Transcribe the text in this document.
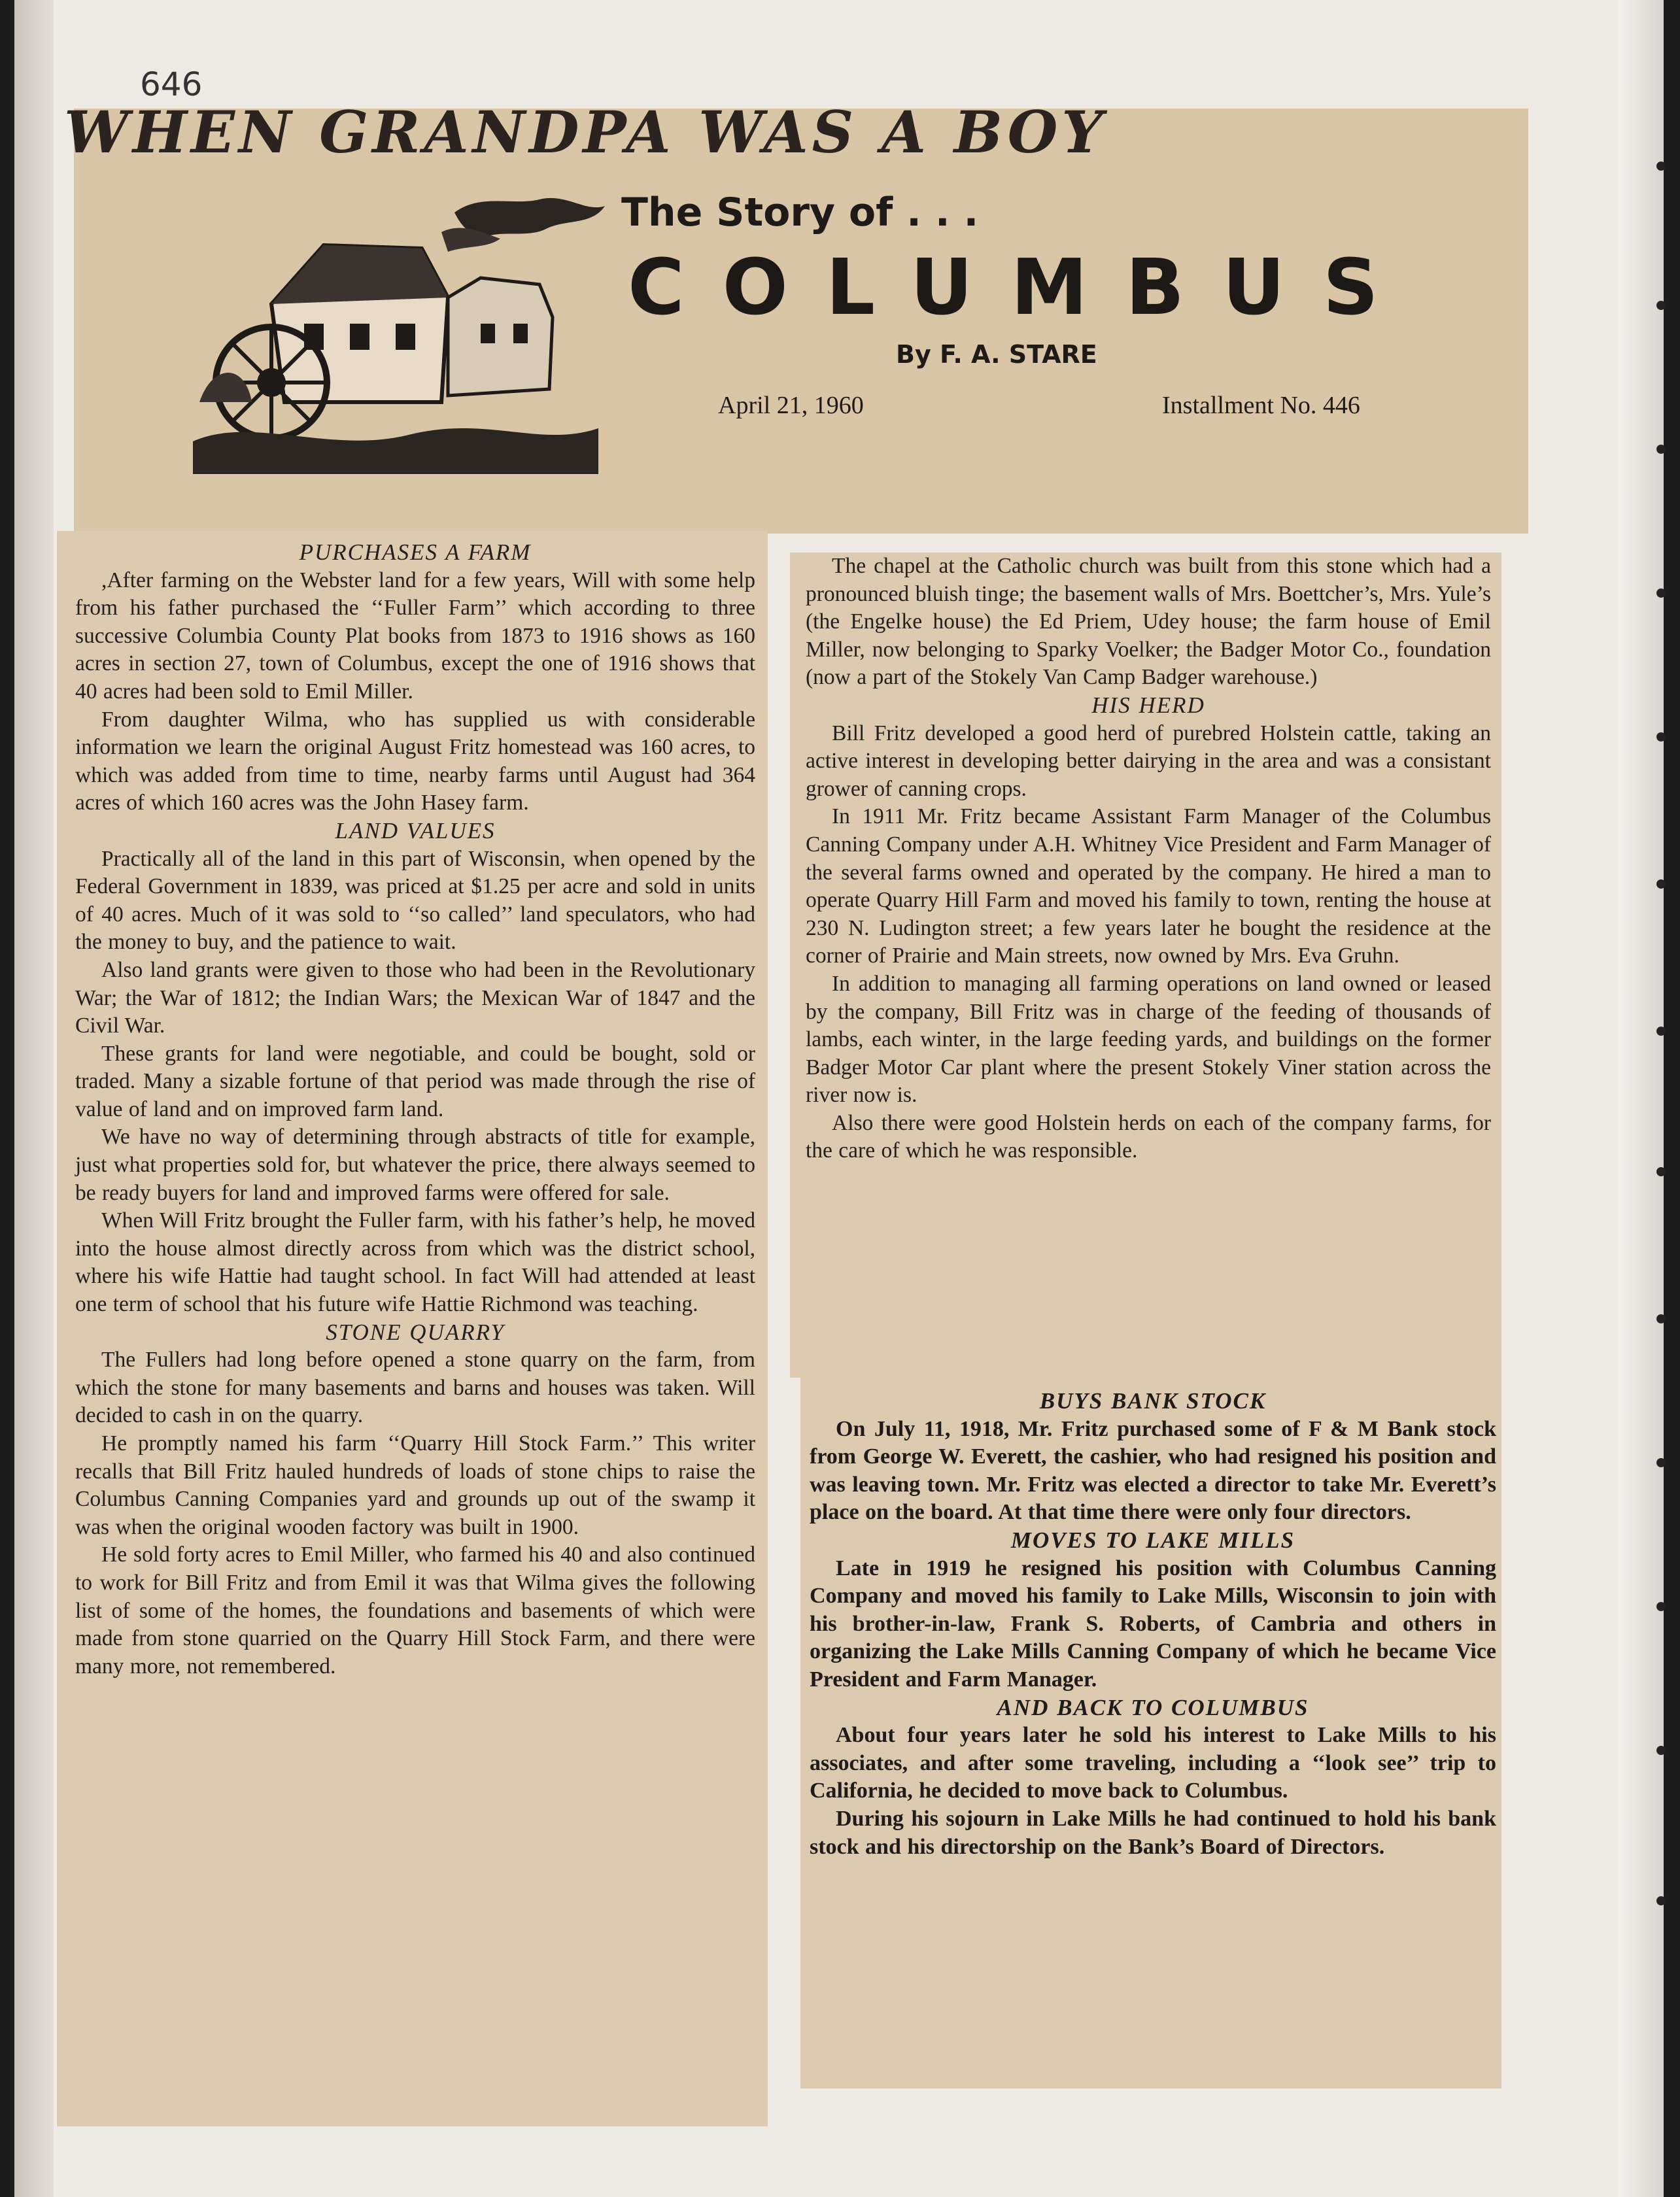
646
WHEN GRANDPA WAS A BOY
The Story of . . .
COLUMBUS

By F. A. STARE

April 21, 1960	Installment No. 446

PURCHASES A FARM

,After farming on the Webster land for a few years, Will with some help from his father purchased the ‘‘Fuller Farm’’ which according to three successive Columbia County Plat books from 1873 to 1916 shows as 160 acres in section 27, town of Columbus, except the one of 1916 shows that 40 acres had been sold to Emil Miller.

From daughter Wilma, who has supplied us with considerable information we learn the original August Fritz homestead was 160 acres, to which was added from time to time, nearby farms until August had 364 acres of which 160 acres was the John Hasey farm.

LAND VALUES

Practically all of the land in this part of Wisconsin, when opened by the Federal Government in 1839, was priced at $1.25 per acre and sold in units of 40 acres. Much of it was sold to ‘‘so called’’ land speculators, who had the money to buy, and the patience to wait.

Also land grants were given to those who had been in the Revolutionary War; the War of 1812; the Indian Wars; the Mexican War of 1847 and the Civil War.

These grants for land were negotiable, and could be bought, sold or traded. Many a sizable fortune of that period was made through the rise of value of land and on improved farm land.

We have no way of determining through abstracts of title for example, just what properties sold for, but whatever the price, there always seemed to be ready buyers for land and improved farms were offered for sale.

When Will Fritz brought the Fuller farm, with his father’s help, he moved into the house almost directly across from which was the district school, where his wife Hattie had taught school. In fact Will had attended at least one term of school that his future wife Hattie Richmond was teaching.

STONE QUARRY

The Fullers had long before opened a stone quarry on the farm, from which the stone for many basements and barns and houses was taken. Will decided to cash in on the quarry.

He promptly named his farm ‘‘Quarry Hill Stock Farm.’’ This writer recalls that Bill Fritz hauled hundreds of loads of stone chips to raise the Columbus Canning Companies yard and grounds up out of the swamp it was when the original wooden factory was built in 1900.

He sold forty acres to Emil Miller, who farmed his 40 and also continued to work for Bill Fritz and from Emil it was that Wilma gives the following list of some of the homes, the foundations and basements of which were made from stone quarried on the Quarry Hill Stock Farm, and there were many more, not remembered.

The chapel at the Catholic church was built from this stone which had a pronounced bluish tinge; the basement walls of Mrs. Boettcher’s, Mrs. Yule’s (the Engelke house) the Ed Priem, Udey house; the farm house of Emil Miller, now belonging to Sparky Voelker; the Badger Motor Co., foundation (now a part of the Stokely Van Camp Badger warehouse.)

HIS HERD

Bill Fritz developed a good herd of purebred Holstein cattle, taking an active interest in developing better dairying in the area and was a consistant grower of canning crops.

In 1911 Mr. Fritz became Assistant Farm Manager of the Columbus Canning Company under A.H. Whitney Vice President and Farm Manager of the several farms owned and operated by the company. He hired a man to operate Quarry Hill Farm and moved his family to town, renting the house at 230 N. Ludington street; a few years later he bought the residence at the corner of Prairie and Main streets, now owned by Mrs. Eva Gruhn.

In addition to managing all farming operations on land owned or leased by the company, Bill Fritz was in charge of the feeding of thousands of lambs, each winter, in the large feeding yards, and buildings on the former Badger Motor Car plant where the present Stokely Viner station across the river now is.

Also there were good Holstein herds on each of the company farms, for the care of which he was responsible.

BUYS BANK STOCK

On July 11, 1918, Mr. Fritz purchased some of F & M Bank stock from George W. Everett, the cashier, who had resigned his position and was leaving town. Mr. Fritz was elected a director to take Mr. Everett’s place on the board. At that time there were only four directors.

MOVES TO LAKE MILLS

Late in 1919 he resigned his position with Columbus Canning Company and moved his family to Lake Mills, Wisconsin to join with his brother-in-law, Frank S. Roberts, of Cambria and others in organizing the Lake Mills Canning Company of which he became Vice President and Farm Manager.

AND BACK TO COLUMBUS

About four years later he sold his interest to Lake Mills to his associates, and after some traveling, including a ‘‘look see’’ trip to California, he decided to move back to Columbus.

During his sojourn in Lake Mills he had continued to hold his bank stock and his directorship on the Bank’s Board of Directors.
